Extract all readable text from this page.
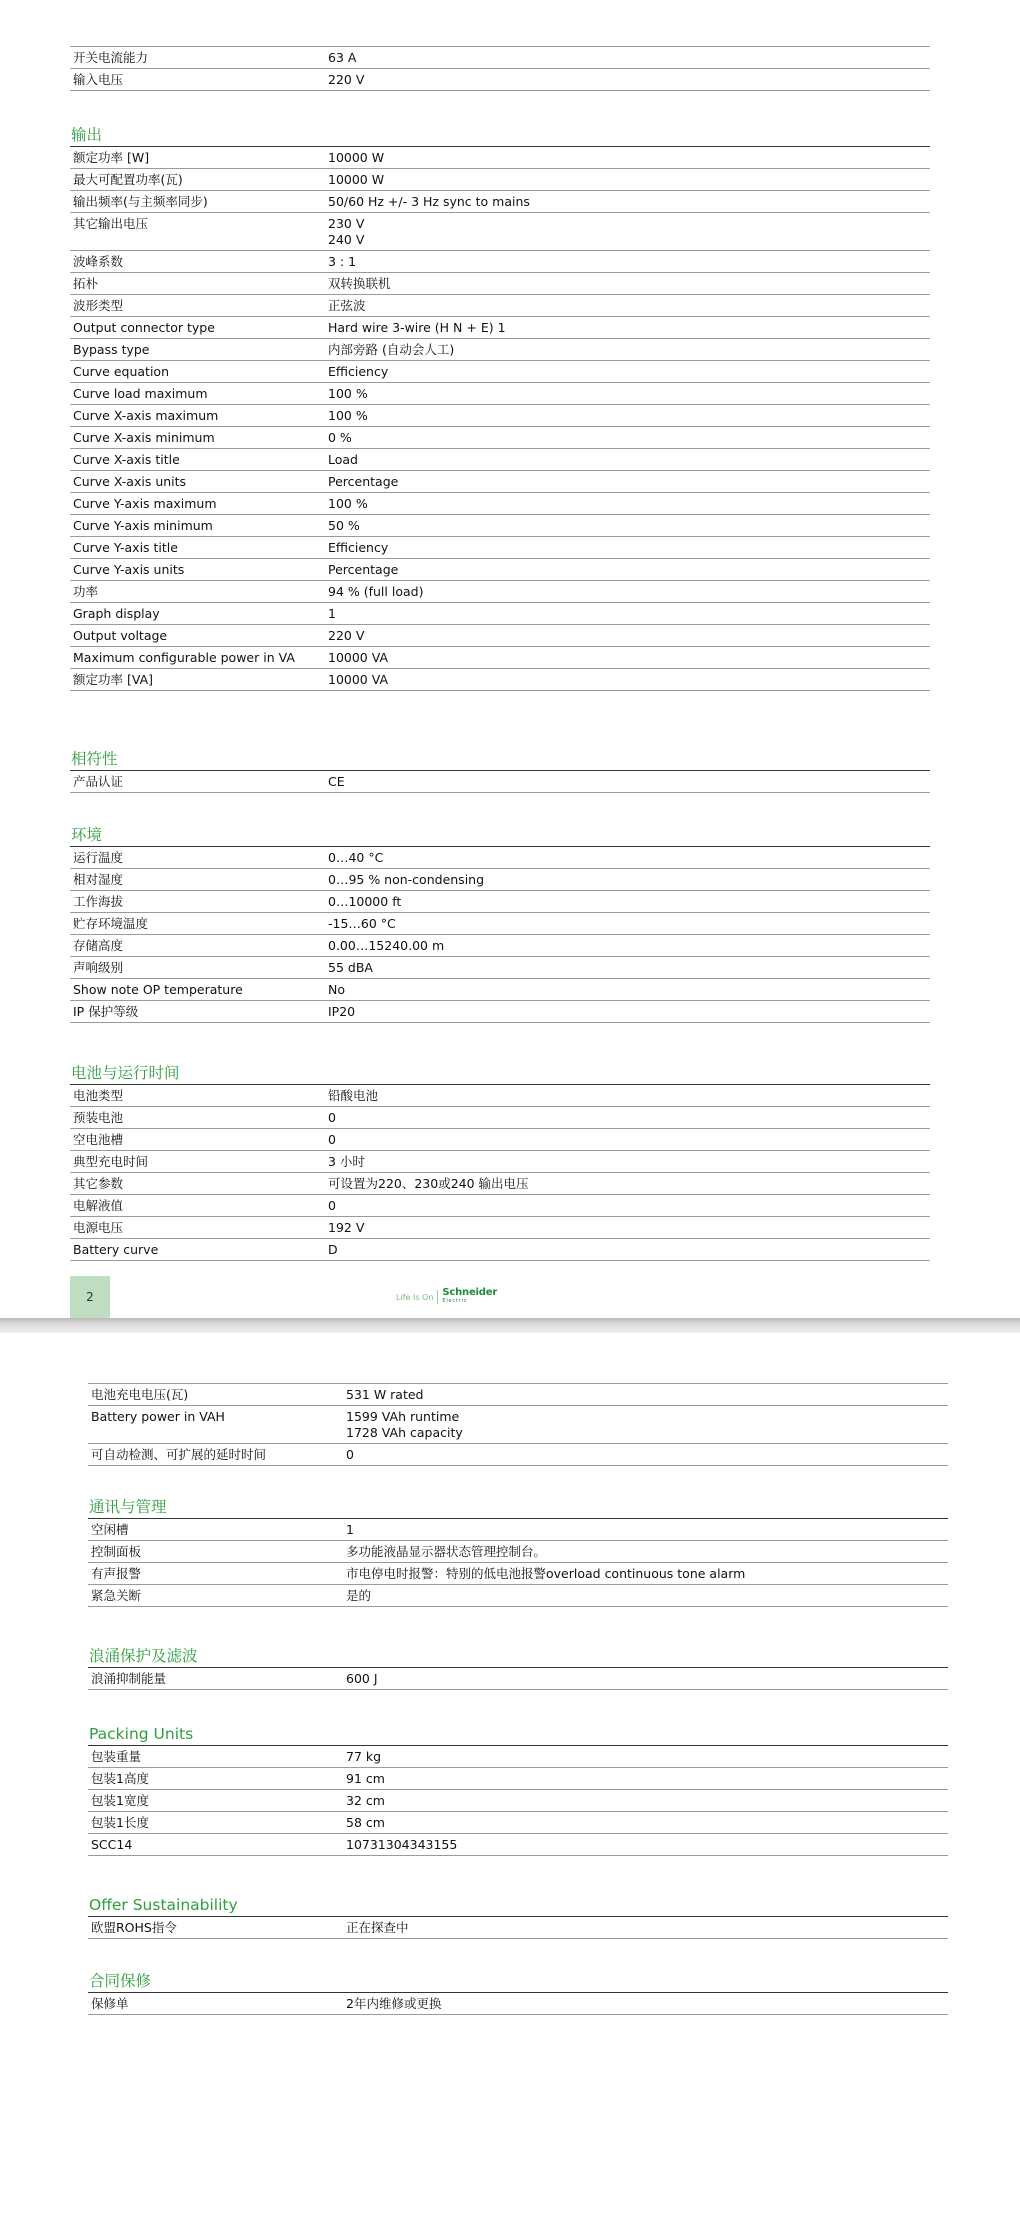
开关电流能力	63 A
输入电压	220 V
输出
额定功率 [W]	10000 W
最大可配置功率(瓦)	10000 W
输出频率(与主频率同步)	50/60 Hz +/- 3 Hz sync to mains
其它输出电压	230 V
240 V
波峰系数	3 : 1
拓朴	双转换联机
波形类型	正弦波
Output connector type	Hard wire 3-wire (H N + E) 1
Bypass type	内部旁路 (自动会人工)
Curve equation	Efficiency
Curve load maximum	100 %
Curve X-axis maximum	100 %
Curve X-axis minimum	0 %
Curve X-axis title	Load
Curve X-axis units	Percentage
Curve Y-axis maximum	100 %
Curve Y-axis minimum	50 %
Curve Y-axis title	Efficiency
Curve Y-axis units	Percentage
功率	94 % (full load)
Graph display	1
Output voltage	220 V
Maximum configurable power in VA	10000 VA
额定功率 [VA]	10000 VA
相符性
产品认证	CE
环境
运行温度	0…40 °C
相对湿度	0…95 % non-condensing
工作海拔	0…10000 ft
贮存环境温度	-15…60 °C
存储高度	0.00…15240.00 m
声响级别	55 dBA
Show note OP temperature	No
IP 保护等级	IP20
电池与运行时间
电池类型	铅酸电池
预装电池	0
空电池槽	0
典型充电时间	3 小时
其它参数	可设置为220、230或240 输出电压
电解液值	0
电源电压	192 V
Battery curve	D
2	Life Is On Schneider
Electric
电池充电电压(瓦)	531 W rated
Battery power in VAH	1599 VAh runtime
1728 VAh capacity
可自动检测、可扩展的延时时间	0
通讯与管理
空闲槽	1
控制面板	多功能液晶显示器状态管理控制台。
有声报警	市电停电时报警：特别的低电池报警overload continuous tone alarm
紧急关断	是的
浪涌保护及滤波
浪涌抑制能量	600 J
Packing Units
包装重量	77 kg
包装1高度	91 cm
包装1宽度	32 cm
包装1长度	58 cm
SCC14	10731304343155
Offer Sustainability
欧盟ROHS指令	正在探查中
合同保修
保修单	2年内维修或更换
